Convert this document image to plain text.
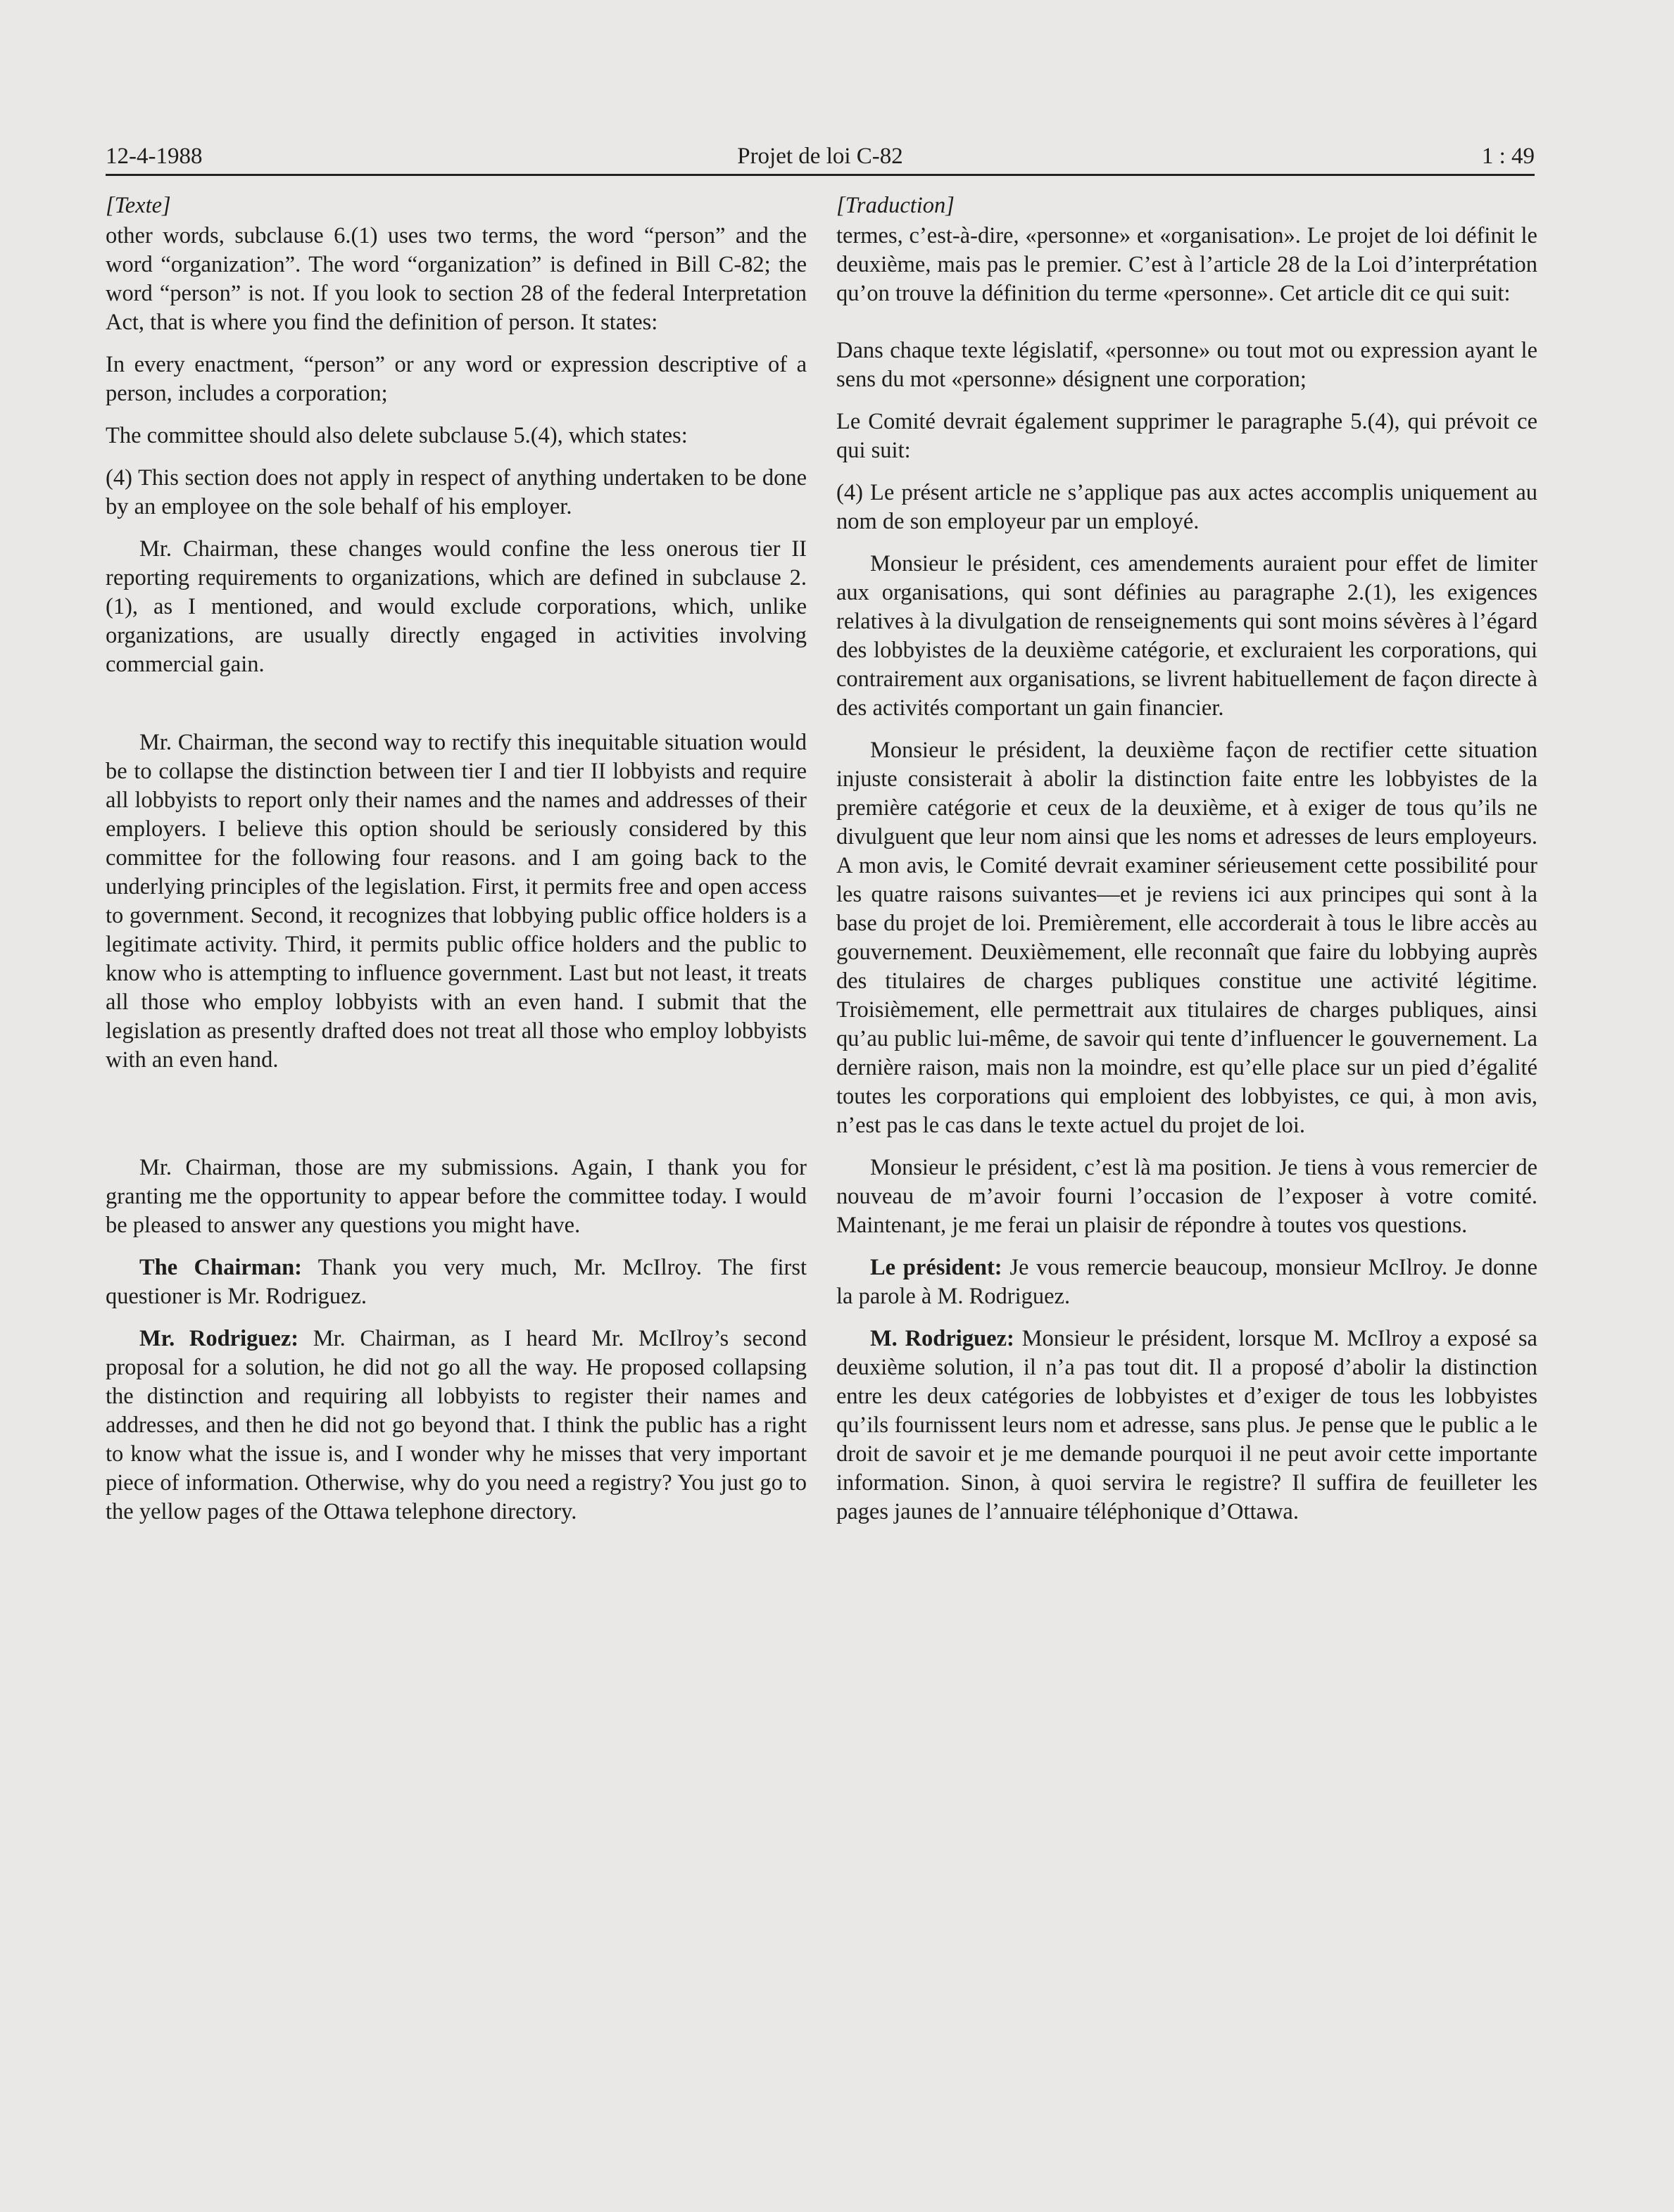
12-4-1988	Projet de loi C-82	1 : 49
[Texte]

other words, subclause 6.(1) uses two terms, the word “person” and the word “organization”. The word “organization” is defined in Bill C-82; the word “person” is not. If you look to section 28 of the federal Interpretation Act, that is where you find the definition of person. It states:

In every enactment, “person” or any word or expression descriptive of a person, includes a corporation;

The committee should also delete subclause 5.(4), which states:

(4) This section does not apply in respect of anything undertaken to be done by an employee on the sole behalf of his employer.

Mr. Chairman, these changes would confine the less onerous tier II reporting requirements to organizations, which are defined in subclause 2.(1), as I mentioned, and would exclude corporations, which, unlike organizations, are usually directly engaged in activities involving commercial gain.

Mr. Chairman, the second way to rectify this inequitable situation would be to collapse the distinction between tier I and tier II lobbyists and require all lobbyists to report only their names and the names and addresses of their employers. I believe this option should be seriously considered by this committee for the following four reasons. and I am going back to the underlying principles of the legislation. First, it permits free and open access to government. Second, it recognizes that lobbying public office holders is a legitimate activity. Third, it permits public office holders and the public to know who is attempting to influence government. Last but not least, it treats all those who employ lobbyists with an even hand. I submit that the legislation as presently drafted does not treat all those who employ lobbyists with an even hand.

Mr. Chairman, those are my submissions. Again, I thank you for granting me the opportunity to appear before the committee today. I would be pleased to answer any questions you might have.

The Chairman: Thank you very much, Mr. McIlroy. The first questioner is Mr. Rodriguez.

Mr. Rodriguez: Mr. Chairman, as I heard Mr. McIlroy’s second proposal for a solution, he did not go all the way. He proposed collapsing the distinction and requiring all lobbyists to register their names and addresses, and then he did not go beyond that. I think the public has a right to know what the issue is, and I wonder why he misses that very important piece of information. Otherwise, why do you need a registry? You just go to the yellow pages of the Ottawa telephone directory.

[Traduction]

termes, c’est-à-dire, «personne» et «organisation». Le projet de loi définit le deuxième, mais pas le premier. C’est à l’article 28 de la Loi d’interprétation qu’on trouve la définition du terme «personne». Cet article dit ce qui suit:

Dans chaque texte législatif, «personne» ou tout mot ou expression ayant le sens du mot «personne» désignent une corporation;

Le Comité devrait également supprimer le paragraphe 5.(4), qui prévoit ce qui suit:

(4) Le présent article ne s’applique pas aux actes accomplis uniquement au nom de son employeur par un employé.

Monsieur le président, ces amendements auraient pour effet de limiter aux organisations, qui sont définies au paragraphe 2.(1), les exigences relatives à la divulgation de renseignements qui sont moins sévères à l’égard des lobbyistes de la deuxième catégorie, et excluraient les corporations, qui contrairement aux organisations, se livrent habituellement de façon directe à des activités comportant un gain financier.

Monsieur le président, la deuxième façon de rectifier cette situation injuste consisterait à abolir la distinction faite entre les lobbyistes de la première catégorie et ceux de la deuxième, et à exiger de tous qu’ils ne divulguent que leur nom ainsi que les noms et adresses de leurs employeurs. A mon avis, le Comité devrait examiner sérieusement cette possibilité pour les quatre raisons suivantes—et je reviens ici aux principes qui sont à la base du projet de loi. Premièrement, elle accorderait à tous le libre accès au gouvernement. Deuxièmement, elle reconnaît que faire du lobbying auprès des titulaires de charges publiques constitue une activité légitime. Troisièmement, elle permettrait aux titulaires de charges publiques, ainsi qu’au public lui-même, de savoir qui tente d’influencer le gouvernement. La dernière raison, mais non la moindre, est qu’elle place sur un pied d’égalité toutes les corporations qui emploient des lobbyistes, ce qui, à mon avis, n’est pas le cas dans le texte actuel du projet de loi.

Monsieur le président, c’est là ma position. Je tiens à vous remercier de nouveau de m’avoir fourni l’occasion de l’exposer à votre comité. Maintenant, je me ferai un plaisir de répondre à toutes vos questions.

Le président: Je vous remercie beaucoup, monsieur McIlroy. Je donne la parole à M. Rodriguez.

M. Rodriguez: Monsieur le président, lorsque M. McIlroy a exposé sa deuxième solution, il n’a pas tout dit. Il a proposé d’abolir la distinction entre les deux catégories de lobbyistes et d’exiger de tous les lobbyistes qu’ils fournissent leurs nom et adresse, sans plus. Je pense que le public a le droit de savoir et je me demande pourquoi il ne peut avoir cette importante information. Sinon, à quoi servira le registre? Il suffira de feuilleter les pages jaunes de l’annuaire téléphonique d’Ottawa.
